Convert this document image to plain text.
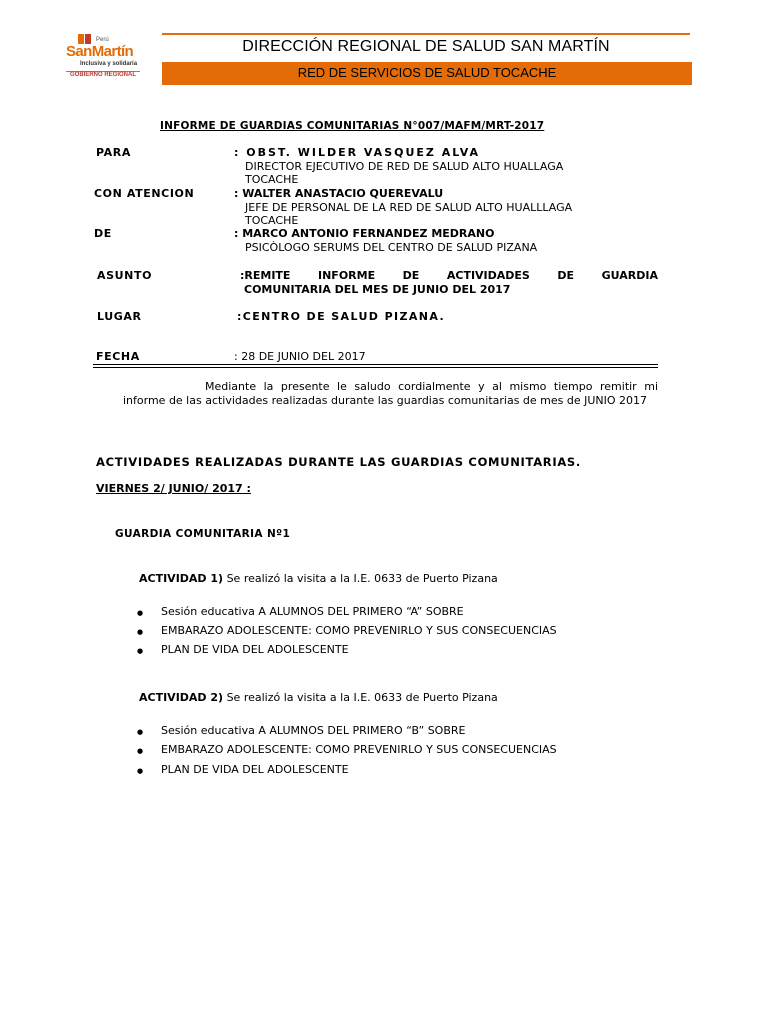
Perú
SanMartín
Inclusiva y solidaria
GOBIERNO REGIONAL
DIRECCIÓN REGIONAL DE SALUD SAN MARTÍN
RED DE SERVICIOS DE SALUD TOCACHE
INFORME DE GUARDIAS COMUNITARIAS N°007/MAFM/MRT-2017
PARA	: OBST. WILDER VASQUEZ ALVA
DIRECTOR EJECUTIVO DE RED DE SALUD ALTO HUALLAGA
TOCACHE
CON ATENCION	: WALTER ANASTACIO QUEREVALU
JEFE DE PERSONAL DE LA RED DE SALUD ALTO HUALLLAGA
TOCACHE
DE	: MARCO ANTONIO FERNANDEZ MEDRANO
PSICÒLOGO SERUMS DEL CENTRO DE SALUD PIZANA
ASUNTO	:REMITE	INFORME	DE	ACTIVIDADES	DE	GUARDIA
COMUNITARIA DEL MES DE JUNIO DEL 2017
LUGAR	:CENTRO DE SALUD PIZANA.
FECHA	: 28 DE JUNIO DEL 2017
Mediante la presente le saludo cordialmente y al mismo tiempo remitir mi
informe de las actividades realizadas durante las guardias comunitarias de mes de JUNIO 2017
ACTIVIDADES REALIZADAS DURANTE LAS GUARDIAS COMUNITARIAS.
VIERNES 2/ JUNIO/ 2017 :
GUARDIA COMUNITARIA Nº1
ACTIVIDAD 1) Se realizó la visita a la I.E. 0633 de Puerto Pizana
● Sesión educativa A ALUMNOS DEL PRIMERO “A” SOBRE
● EMBARAZO ADOLESCENTE: COMO PREVENIRLO Y SUS CONSECUENCIAS
● PLAN DE VIDA DEL ADOLESCENTE
ACTIVIDAD 2) Se realizó la visita a la I.E. 0633 de Puerto Pizana
● Sesión educativa A ALUMNOS DEL PRIMERO “B” SOBRE
● EMBARAZO ADOLESCENTE: COMO PREVENIRLO Y SUS CONSECUENCIAS
● PLAN DE VIDA DEL ADOLESCENTE
